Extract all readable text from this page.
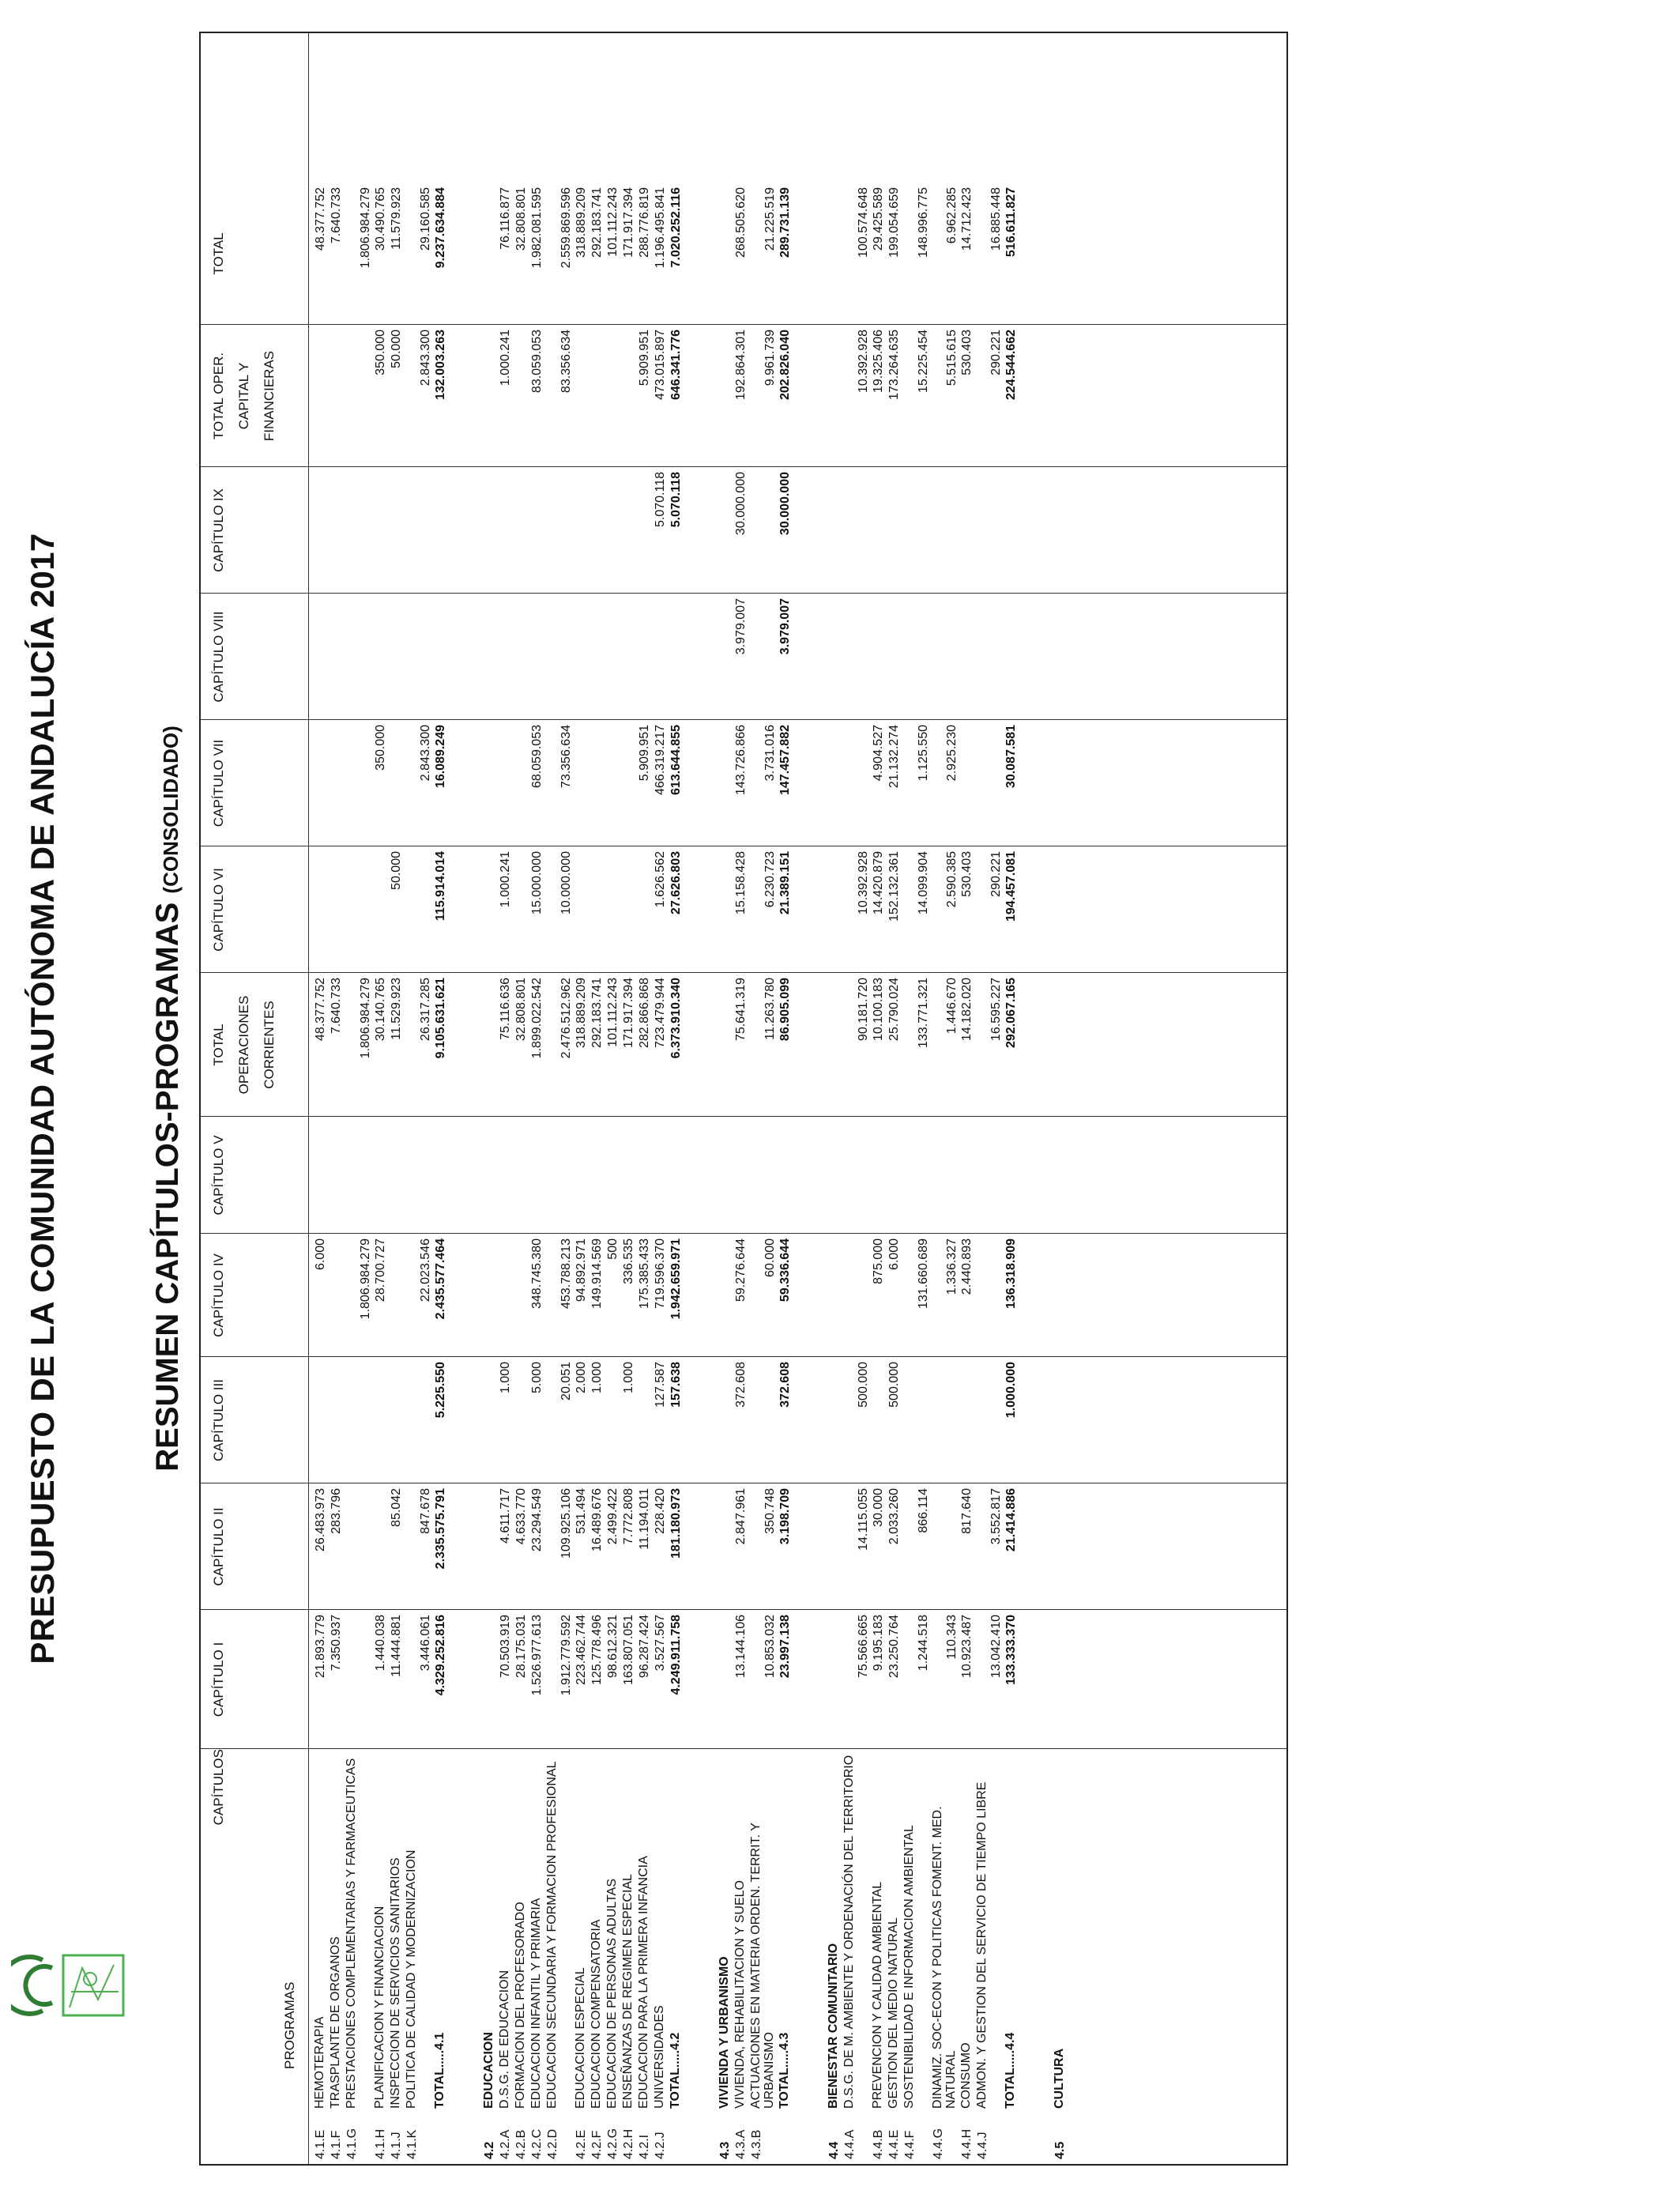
PRESUPUESTO DE LA COMUNIDAD AUTÓNOMA DE ANDALUCÍA 2017	RESUMEN CAPÍTULOS-PROGRAMAS (CONSOLIDADO)
CAPÍTULOS
PROGRAMAS
CAPÍTULO I
CAPÍTULO II
CAPÍTULO III
CAPÍTULO IV
CAPÍTULO V
TOTAL OPERACIONES CORRIENTES
CAPÍTULO VI
CAPÍTULO VII
CAPÍTULO VIII
CAPÍTULO IX
TOTAL OPER. CAPITAL Y FINANCIERAS
TOTAL
4.1.E
HEMOTERAPIA
21.893.779
26.483.973
6.000
48.377.752
48.377.752
4.1.F
TRASPLANTE DE ORGANOS
7.350.937
283.796
7.640.733
7.640.733
4.1.G
PRESTACIONES COMPLEMENTARIAS Y FARMACEUTICAS
1.806.984.279
1.806.984.279
1.806.984.279
4.1.H
PLANIFICACION Y FINANCIACION
1.440.038
28.700.727
30.140.765
350.000
350.000
30.490.765
4.1.J
INSPECCION DE SERVICIOS SANITARIOS
11.444.881
85.042
11.529.923
50.000
50.000
11.579.923
4.1.K
POLITICA DE CALIDAD Y MODERNIZACION
3.446.061
847.678
22.023.546
26.317.285
2.843.300
2.843.300
29.160.585
TOTAL.....4.1
4.329.252.816
2.335.575.791
5.225.550
2.435.577.464
9.105.631.621
115.914.014
16.089.249
132.003.263
9.237.634.884
4.2
EDUCACION
4.2.A
D.S.G. DE EDUCACION
70.503.919
4.611.717
1.000
75.116.636
1.000.241
1.000.241
76.116.877
4.2.B
FORMACION DEL PROFESORADO
28.175.031
4.633.770
32.808.801
32.808.801
4.2.C
EDUCACION INFANTIL Y PRIMARIA
1.526.977.613
23.294.549
5.000
348.745.380
1.899.022.542
15.000.000
68.059.053
83.059.053
1.982.081.595
4.2.D
EDUCACION SECUNDARIA Y FORMACION PROFESIONAL
1.912.779.592
109.925.106
20.051
453.788.213
2.476.512.962
10.000.000
73.356.634
83.356.634
2.559.869.596
4.2.E
EDUCACION ESPECIAL
223.462.744
531.494
2.000
94.892.971
318.889.209
318.889.209
4.2.F
EDUCACION COMPENSATORIA
125.778.496
16.489.676
1.000
149.914.569
292.183.741
292.183.741
4.2.G
EDUCACION DE PERSONAS ADULTAS
98.612.321
2.499.422
500
101.112.243
101.112.243
4.2.H
ENSEÑANZAS DE REGIMEN ESPECIAL
163.807.051
7.772.808
1.000
336.535
171.917.394
171.917.394
4.2.I
EDUCACION PARA LA PRIMERA INFANCIA
96.287.424
11.194.011
175.385.433
282.866.868
5.909.951
5.909.951
288.776.819
4.2.J
UNIVERSIDADES
3.527.567
228.420
127.587
719.596.370
723.479.944
1.626.562
466.319.217
5.070.118
473.015.897
1.196.495.841
TOTAL.....4.2
4.249.911.758
181.180.973
157.638
1.942.659.971
6.373.910.340
27.626.803
613.644.855
5.070.118
646.341.776
7.020.252.116
4.3
VIVIENDA Y URBANISMO
4.3.A
VIVIENDA, REHABILITACION Y SUELO
13.144.106
2.847.961
372.608
59.276.644
75.641.319
15.158.428
143.726.866
3.979.007
30.000.000
192.864.301
268.505.620
4.3.B
ACTUACIONES EN MATERIA ORDEN. TERRIT. Y URBANISMO
10.853.032
350.748
60.000
11.263.780
6.230.723
3.731.016
9.961.739
21.225.519
TOTAL.....4.3
23.997.138
3.198.709
372.608
59.336.644
86.905.099
21.389.151
147.457.882
3.979.007
30.000.000
202.826.040
289.731.139
4.4
BIENESTAR COMUNITARIO
4.4.A
D.S.G. DE M. AMBIENTE Y ORDENACIÓN DEL TERRITORIO
75.566.665
14.115.055
500.000
90.181.720
10.392.928
10.392.928
100.574.648
4.4.B
PREVENCION Y CALIDAD AMBIENTAL
9.195.183
30.000
875.000
10.100.183
14.420.879
4.904.527
19.325.406
29.425.589
4.4.E
GESTION DEL MEDIO NATURAL
23.250.764
2.033.260
500.000
6.000
25.790.024
152.132.361
21.132.274
173.264.635
199.054.659
4.4.F
SOSTENIBILIDAD E INFORMACION AMBIENTAL
1.244.518
866.114
131.660.689
133.771.321
14.099.904
1.125.550
15.225.454
148.996.775
4.4.G
DINAMIZ. SOC-ECON Y POLITICAS FOMENT. MED. NATURAL
110.343
1.336.327
1.446.670
2.590.385
2.925.230
5.515.615
6.962.285
4.4.H
CONSUMO
10.923.487
817.640
2.440.893
14.182.020
530.403
530.403
14.712.423
4.4.J
ADMON. Y GESTION DEL SERVICIO DE TIEMPO LIBRE
13.042.410
3.552.817
16.595.227
290.221
290.221
16.885.448
TOTAL.....4.4
133.333.370
21.414.886
1.000.000
136.318.909
292.067.165
194.457.081
30.087.581
224.544.662
516.611.827
4.5
CULTURA
